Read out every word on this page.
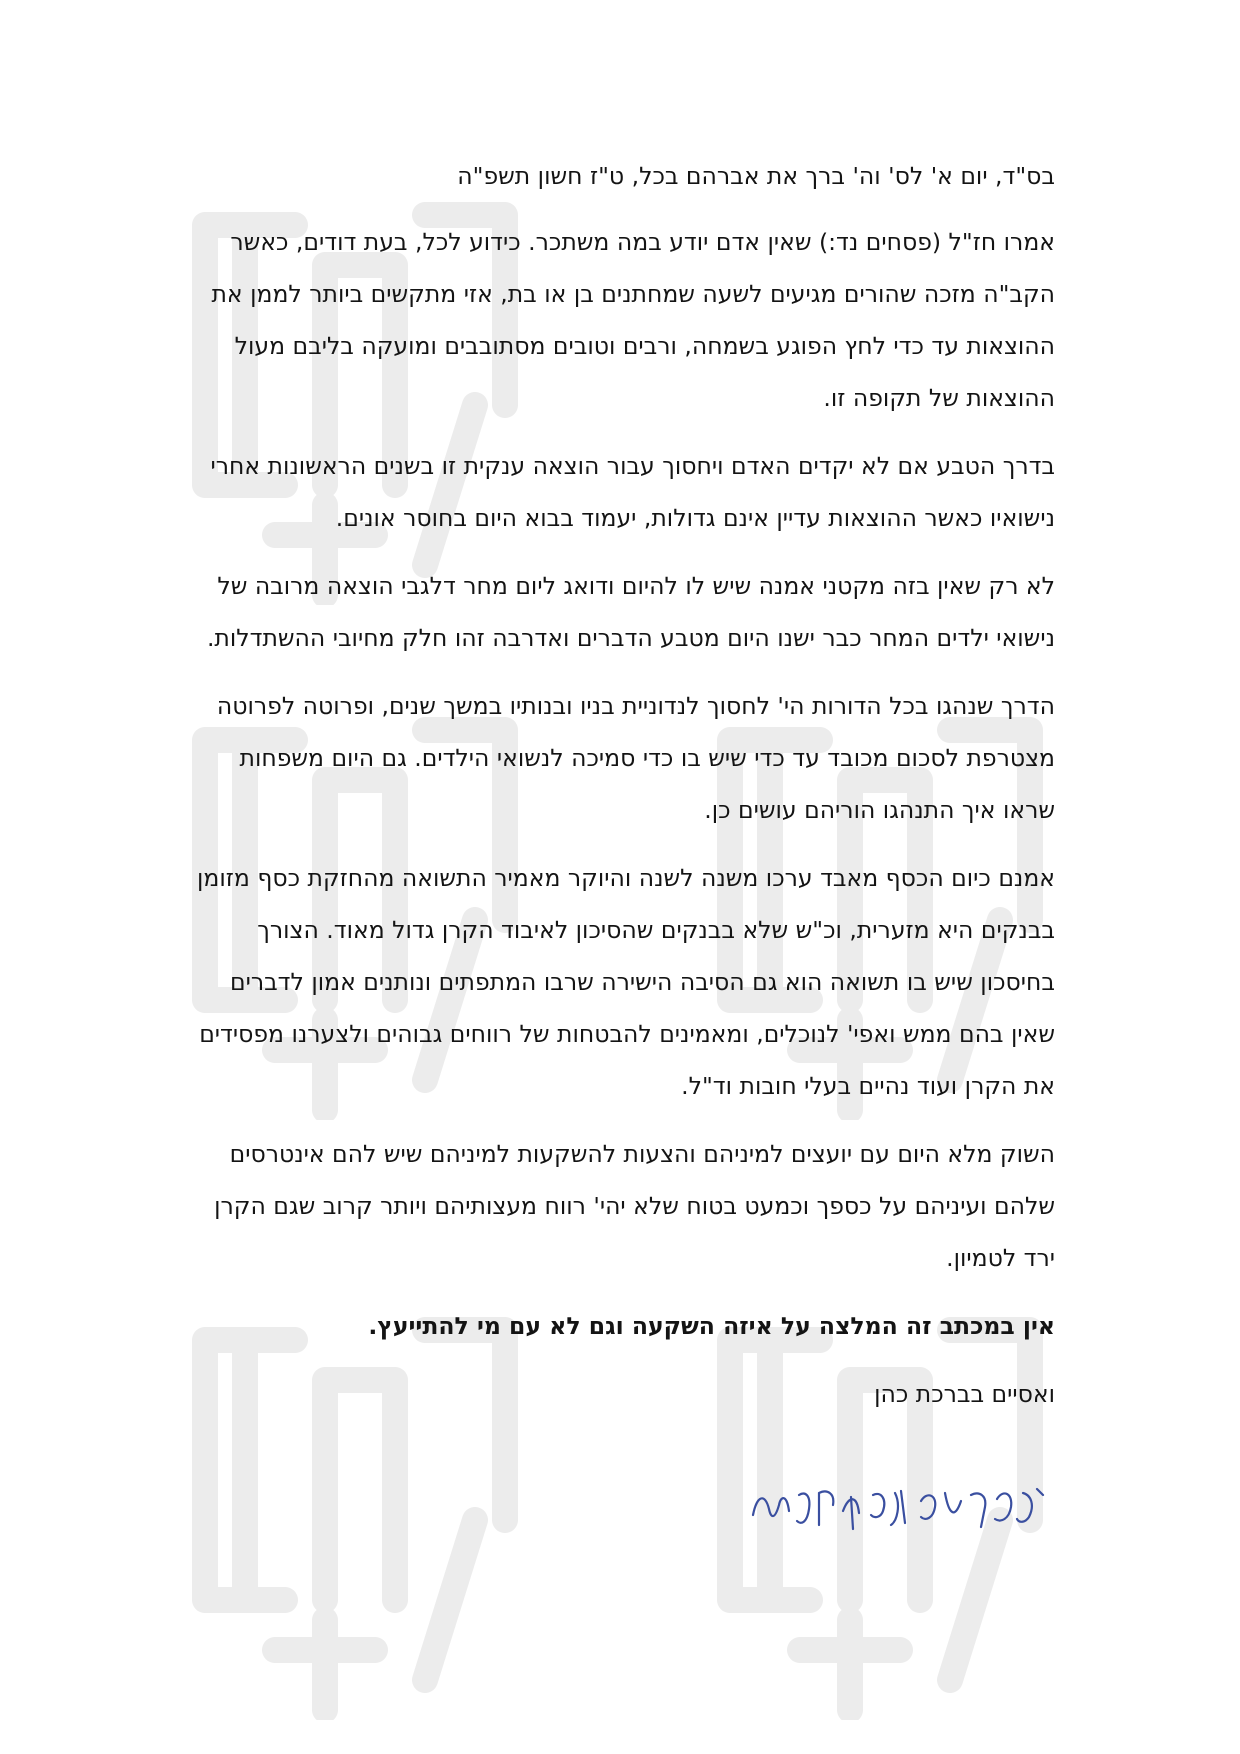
בס"ד, יום א' לס' וה' ברך את אברהם בכל, ט"ז חשון תשפ"ה

אמרו חז"ל (פסחים נד:) שאין אדם יודע במה משתכר. כידוע לכל, בעת דודים, כאשר הקב"ה מזכה שהורים מגיעים לשעה שמחתנים בן או בת, אזי מתקשים ביותר לממן את ההוצאות עד כדי לחץ הפוגע בשמחה, ורבים וטובים מסתובבים ומועקה בליבם מעול ההוצאות של תקופה זו.

בדרך הטבע אם לא יקדים האדם ויחסוך עבור הוצאה ענקית זו בשנים הראשונות אחרי נישואיו כאשר ההוצאות עדיין אינם גדולות, יעמוד בבוא היום בחוסר אונים.

לא רק שאין בזה מקטני אמנה שיש לו להיום ודואג ליום מחר דלגבי הוצאה מרובה של נישואי ילדים המחר כבר ישנו היום מטבע הדברים ואדרבה זהו חלק מחיובי ההשתדלות.

הדרך שנהגו בכל הדורות הי' לחסוך לנדוניית בניו ובנותיו במשך שנים, ופרוטה לפרוטה מצטרפת לסכום מכובד עד כדי שיש בו כדי סמיכה לנשואי הילדים. גם היום משפחות שראו איך התנהגו הוריהם עושים כן.

אמנם כיום הכסף מאבד ערכו משנה לשנה והיוקר מאמיר התשואה מהחזקת כסף מזומן בבנקים היא מזערית, וכ"ש שלא בבנקים שהסיכון לאיבוד הקרן גדול מאוד. הצורך בחיסכון שיש בו תשואה הוא גם הסיבה הישירה שרבו המתפתים ונותנים אמון לדברים שאין בהם ממש ואפי' לנוכלים, ומאמינים להבטחות של רווחים גבוהים ולצערנו מפסידים את הקרן ועוד נהיים בעלי חובות וד"ל.

השוק מלא היום עם יועצים למיניהם והצעות להשקעות למיניהם שיש להם אינטרסים שלהם ועיניהם על כספך וכמעט בטוח שלא יהי' רווח מעצותיהם ויותר קרוב שגם הקרן ירד לטמיון.

אין במכתב זה המלצה על איזה השקעה וגם לא עם מי להתייעץ.

ואסיים בברכת כהן
